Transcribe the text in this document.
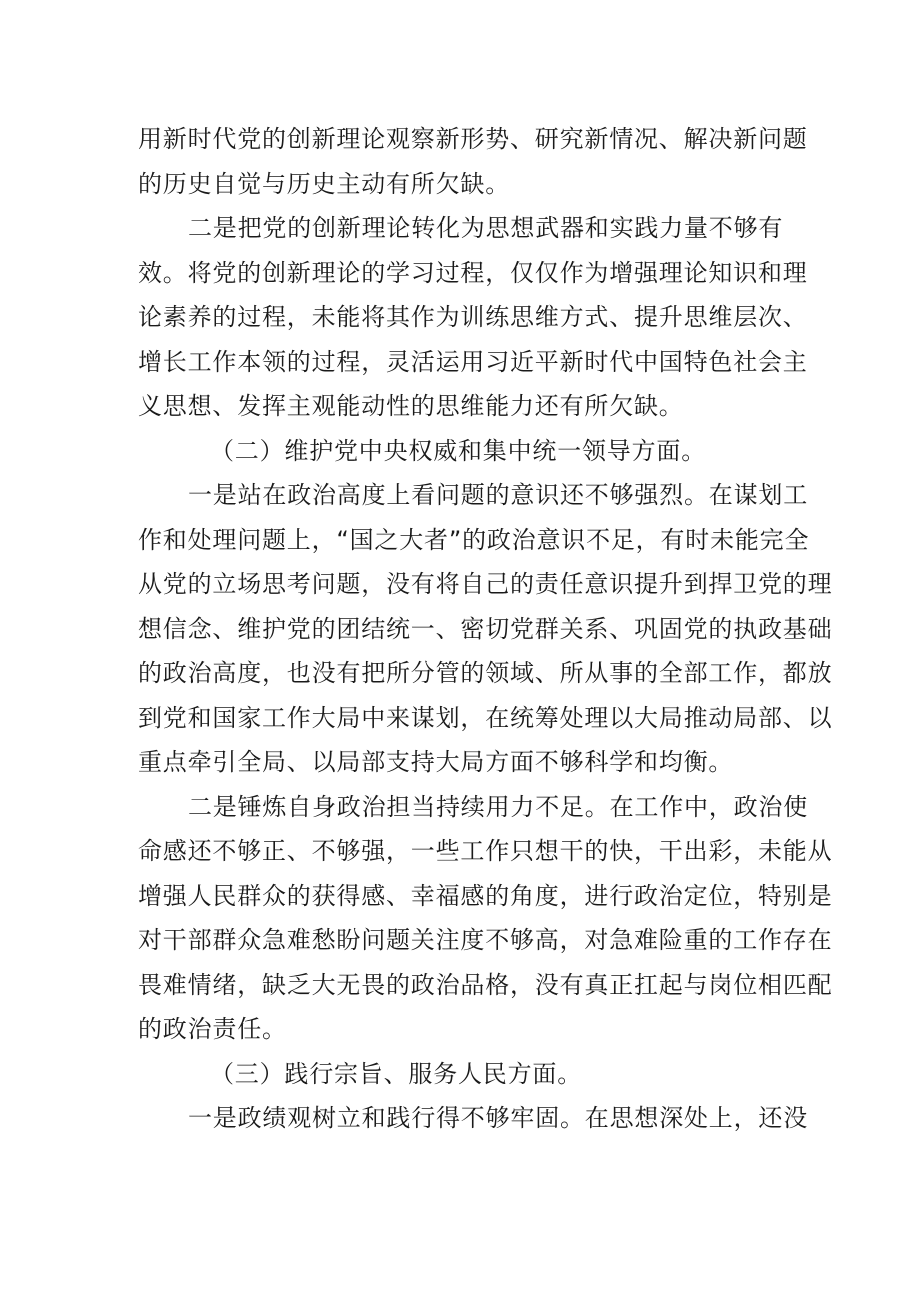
用新时代党的创新理论观察新形势、研究新情况、解决新问题
的历史自觉与历史主动有所欠缺。
二是把党的创新理论转化为思想武器和实践力量不够有
效。将党的创新理论的学习过程，仅仅作为增强理论知识和理
论素养的过程，未能将其作为训练思维方式、提升思维层次、
增长工作本领的过程，灵活运用习近平新时代中国特色社会主
义思想、发挥主观能动性的思维能力还有所欠缺。
（二）维护党中央权威和集中统一领导方面。
一是站在政治高度上看问题的意识还不够强烈。在谋划工
作和处理问题上，“国之大者”的政治意识不足，有时未能完全
从党的立场思考问题，没有将自己的责任意识提升到捍卫党的理
想信念、维护党的团结统一、密切党群关系、巩固党的执政基础
的政治高度，也没有把所分管的领域、所从事的全部工作，都放
到党和国家工作大局中来谋划，在统筹处理以大局推动局部、以
重点牵引全局、以局部支持大局方面不够科学和均衡。
二是锤炼自身政治担当持续用力不足。在工作中，政治使
命感还不够正、不够强，一些工作只想干的快，干出彩，未能从
增强人民群众的获得感、幸福感的角度，进行政治定位，特别是
对干部群众急难愁盼问题关注度不够高，对急难险重的工作存在
畏难情绪，缺乏大无畏的政治品格，没有真正扛起与岗位相匹配
的政治责任。
（三）践行宗旨、服务人民方面。
一是政绩观树立和践行得不够牢固。在思想深处上，还没
